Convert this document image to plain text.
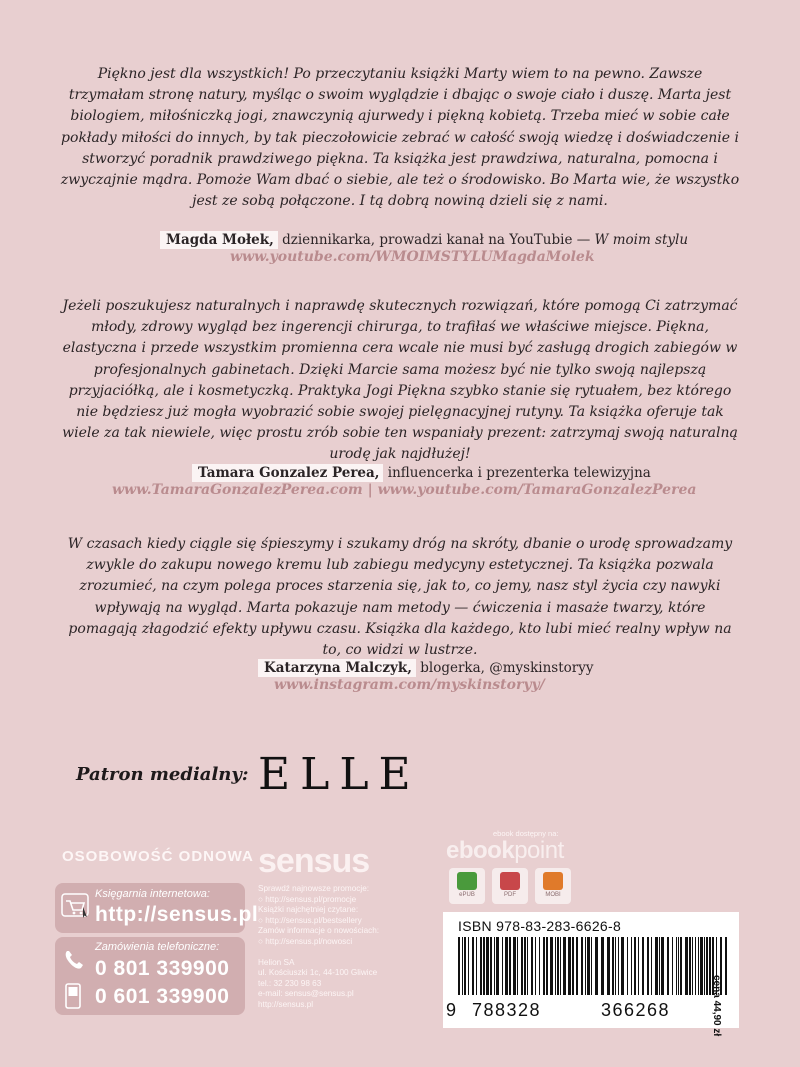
Piękno jest dla wszystkich! Po przeczytaniu książki Marty wiem to na pewno. Zawsze trzymałam stronę natury, myśląc o swoim wyglądzie i dbając o swoje ciało i duszę. Marta jest biologiem, miłośniczką jogi, znawczynią ajurwedy i piękną kobietą. Trzeba mieć w sobie całe pokłady miłości do innych, by tak pieczołowicie zebrać w całość swoją wiedzę i doświadczenie i stworzyć poradnik prawdziwego piękna. Ta książka jest prawdziwa, naturalna, pomocna i zwyczajnie mądra. Pomoże Wam dbać o siebie, ale też o środowisko. Bo Marta wie, że wszystko jest ze sobą połączone. I tą dobrą nowiną dzieli się z nami.

Magda Mołek, dziennikarka, prowadzi kanał na YouTubie — W moim stylu
www.youtube.com/WMOIMSTYLUMagdaMolek

Jeżeli poszukujesz naturalnych i naprawdę skutecznych rozwiązań, które pomogą Ci zatrzymać młody, zdrowy wygląd bez ingerencji chirurga, to trafiłaś we właściwe miejsce. Piękna, elastyczna i przede wszystkim promienna cera wcale nie musi być zasługą drogich zabiegów w profesjonalnych gabinetach. Dzięki Marcie sama możesz być nie tylko swoją najlepszą przyjaciółką, ale i kosmetyczką. Praktyka Jogi Piękna szybko stanie się rytuałem, bez którego nie będziesz już mogła wyobrazić sobie swojej pielęgnacyjnej rutyny. Ta książka oferuje tak wiele za tak niewiele, więc prostu zrób sobie ten wspaniały prezent: zatrzymaj swoją naturalną urodę jak najdłużej!

Tamara Gonzalez Perea, influencerka i prezenterka telewizyjna
www.TamaraGonzalezPerea.com | www.youtube.com/TamaraGonzalezPerea

W czasach kiedy ciągle się śpieszymy i szukamy dróg na skróty, dbanie o urodę sprowadzamy zwykle do zakupu nowego kremu lub zabiegu medycyny estetycznej. Ta książka pozwala zrozumieć, na czym polega proces starzenia się, jak to, co jemy, nasz styl życia czy nawyki wpływają na wygląd. Marta pokazuje nam metody — ćwiczenia i masaże twarzy, które pomagają złagodzić efekty upływu czasu. Książka dla każdego, kto lubi mieć realny wpływ na to, co widzi w lustrze.

Katarzyna Malczyk, blogerka, @myskinstoryy
www.instagram.com/myskinstoryy/
Patron medialny: ELLE
OSOBOWOŚĆ ODNOWA sensus
Księgarnia internetowa:
http://sensus.pl
Zamówienia telefoniczne:
0 801 339900
0 601 339900
Sprawdź najnowsze promocje:
○ http://sensus.pl/promocje
Książki najchętniej czytane:
○ http://sensus.pl/bestsellery
Zamów informacje o nowościach:
○ http://sensus.pl/nowosci
Helion SA
ul. Kościuszki 1c, 44-100 Gliwice
tel.: 32 230 98 63
e-mail: sensus@sensus.pl
http://sensus.pl
ebook dostępny na:
ebookpoint
ePUB	PDF	MOBI
ISBN 978-83-283-6626-8
9 788328	366268	cena 44,90 zł
